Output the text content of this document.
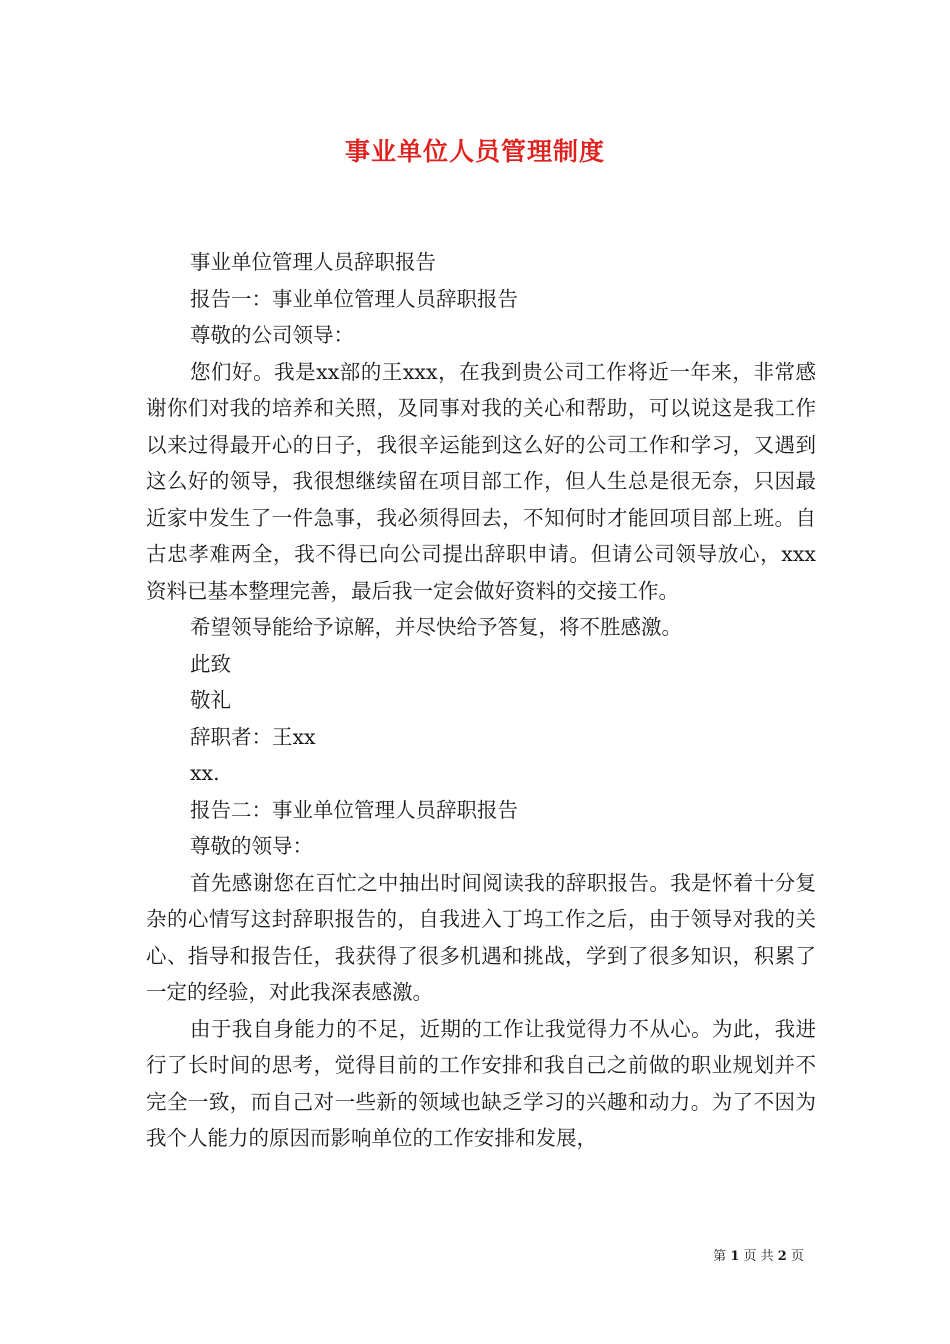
事业单位人员管理制度

事业单位管理人员辞职报告

报告一：事业单位管理人员辞职报告

尊敬的公司领导：

您们好。我是xx部的王xxx，在我到贵公司工作将近一年来，非常感谢你们对我的培养和关照，及同事对我的关心和帮助，可以说这是我工作以来过得最开心的日子，我很辛运能到这么好的公司工作和学习，又遇到这么好的领导，我很想继续留在项目部工作，但人生总是很无奈，只因最近家中发生了一件急事，我必须得回去，不知何时才能回项目部上班。自古忠孝难两全，我不得已向公司提出辞职申请。但请公司领导放心，xxx资料已基本整理完善，最后我一定会做好资料的交接工作。

希望领导能给予谅解，并尽快给予答复，将不胜感激。

此致

敬礼

辞职者：王xx

xx.

报告二：事业单位管理人员辞职报告

尊敬的领导：

首先感谢您在百忙之中抽出时间阅读我的辞职报告。我是怀着十分复杂的心情写这封辞职报告的，自我进入丁坞工作之后，由于领导对我的关心、指导和报告任，我获得了很多机遇和挑战，学到了很多知识，积累了一定的经验，对此我深表感激。

由于我自身能力的不足，近期的工作让我觉得力不从心。为此，我进行了长时间的思考，觉得目前的工作安排和我自己之前做的职业规划并不完全一致，而自己对一些新的领域也缺乏学习的兴趣和动力。为了不因为我个人能力的原因而影响单位的工作安排和发展，

第 1 页 共 2 页
